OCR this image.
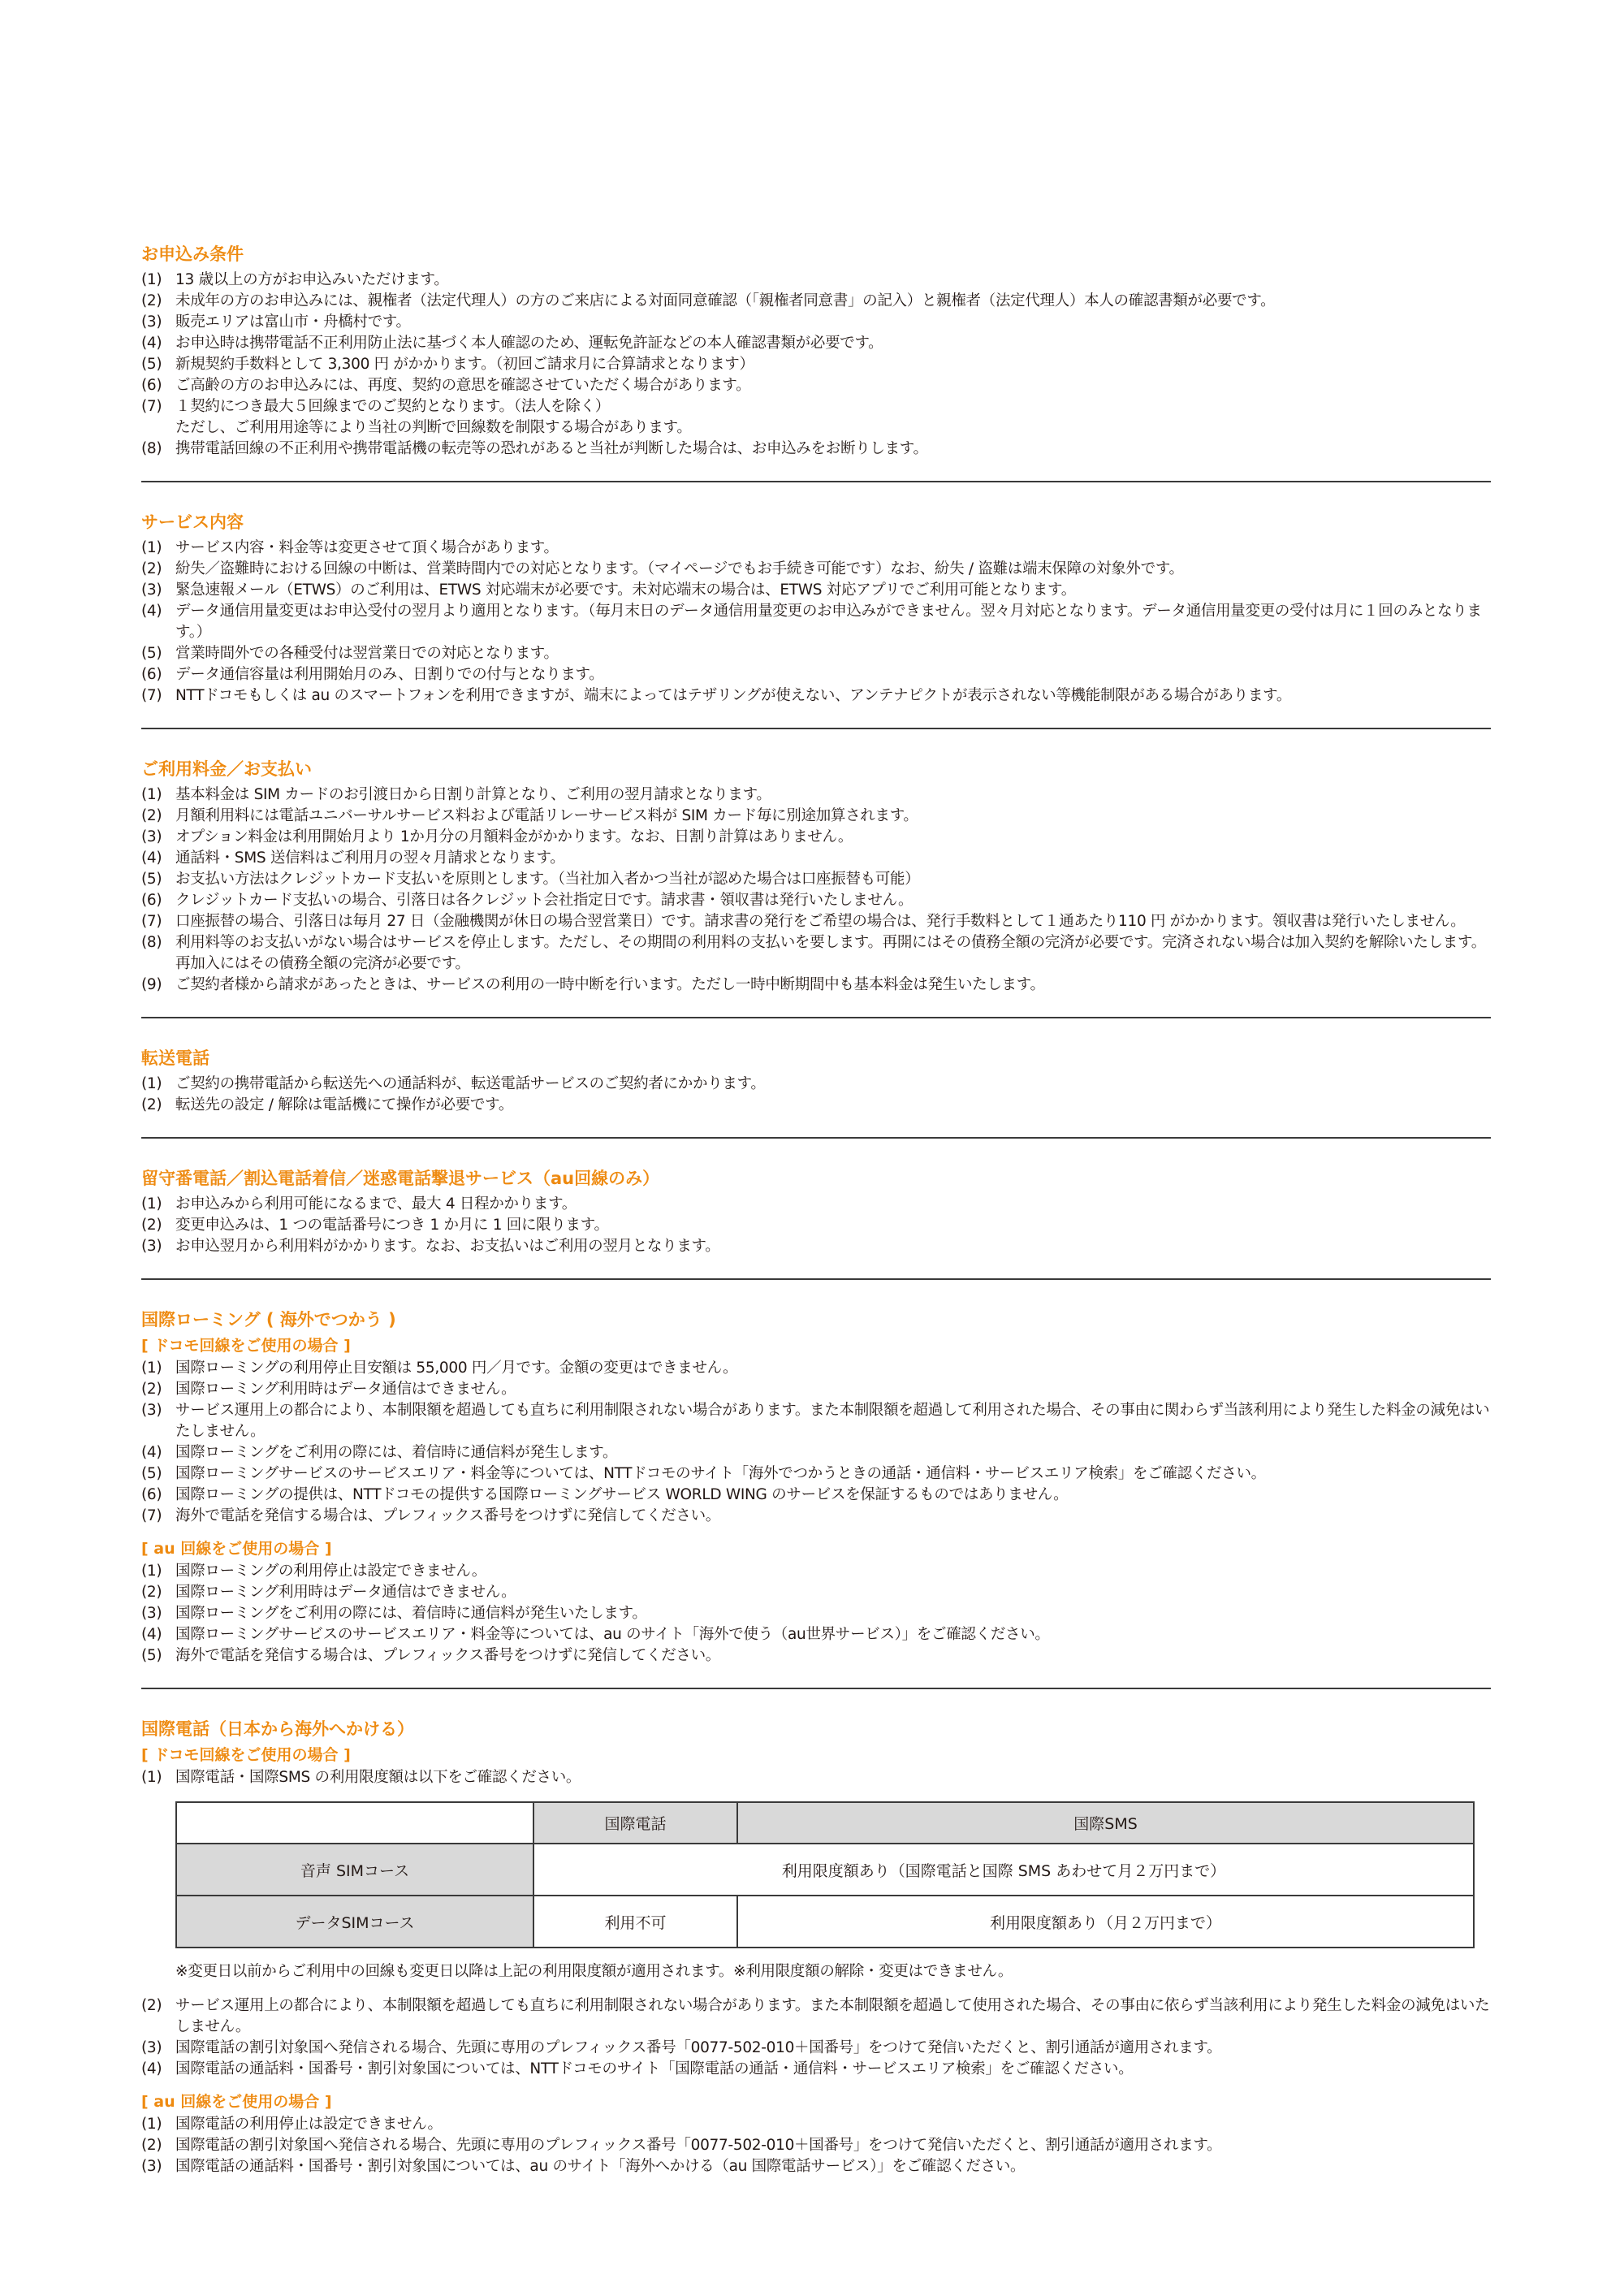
お申込み条件
(1) 13 歳以上の方がお申込みいただけます。
(2) 未成年の方のお申込みには、親権者（法定代理人）の方のご来店による対面同意確認（「親権者同意書」の記入）と親権者（法定代理人）本人の確認書類が必要です。
(3) 販売エリアは富山市・舟橋村です。
(4) お申込時は携帯電話不正利用防止法に基づく本人確認のため、運転免許証などの本人確認書類が必要です。
(5) 新規契約手数料として 3,300 円 がかかります。（初回ご請求月に合算請求となります）
(6) ご高齢の方のお申込みには、再度、契約の意思を確認させていただく場合があります。
(7) １契約につき最大５回線までのご契約となります。（法人を除く）
ただし、ご利用用途等により当社の判断で回線数を制限する場合があります。
(8) 携帯電話回線の不正利用や携帯電話機の転売等の恐れがあると当社が判断した場合は、お申込みをお断りします。
サービス内容
(1) サービス内容・料金等は変更させて頂く場合があります。
(2) 紛失／盗難時における回線の中断は、営業時間内での対応となります。（マイページでもお手続き可能です）なお、紛失 / 盗難は端末保障の対象外です。
(3) 緊急速報メール（ETWS）のご利用は、ETWS 対応端末が必要です。未対応端末の場合は、ETWS 対応アプリでご利用可能となります。
(4) データ通信用量変更はお申込受付の翌月より適用となります。（毎月末日のデータ通信用量変更のお申込みができません。翌々月対応となります。データ通信用量変更の受付は月に１回のみとなります。）
(5) 営業時間外での各種受付は翌営業日での対応となります。
(6) データ通信容量は利用開始月のみ、日割りでの付与となります。
(7) NTTドコモもしくは au のスマートフォンを利用できますが、端末によってはテザリングが使えない、アンテナピクトが表示されない等機能制限がある場合があります。
ご利用料金／お支払い
(1) 基本料金は SIM カードのお引渡日から日割り計算となり、ご利用の翌月請求となります。
(2) 月額利用料には電話ユニバーサルサービス料および電話リレーサービス料が SIM カード毎に別途加算されます。
(3) オプション料金は利用開始月より 1か月分の月額料金がかかります。なお、日割り計算はありません。
(4) 通話料・SMS 送信料はご利用月の翌々月請求となります。
(5) お支払い方法はクレジットカード支払いを原則とします。（当社加入者かつ当社が認めた場合は口座振替も可能）
(6) クレジットカード支払いの場合、引落日は各クレジット会社指定日です。請求書・領収書は発行いたしません。
(7) 口座振替の場合、引落日は毎月 27 日（金融機関が休日の場合翌営業日）です。請求書の発行をご希望の場合は、発行手数料として１通あたり110 円 がかかります。領収書は発行いたしません。
(8) 利用料等のお支払いがない場合はサービスを停止します。ただし、その期間の利用料の支払いを要します。再開にはその債務全額の完済が必要です。完済されない場合は加入契約を解除いたします。再加入にはその債務全額の完済が必要です。
(9) ご契約者様から請求があったときは、サービスの利用の一時中断を行います。ただし一時中断期間中も基本料金は発生いたします。
転送電話
(1) ご契約の携帯電話から転送先への通話料が、転送電話サービスのご契約者にかかります。
(2) 転送先の設定 / 解除は電話機にて操作が必要です。
留守番電話／割込電話着信／迷惑電話撃退サービス（au回線のみ）
(1) お申込みから利用可能になるまで、最大 4 日程かかります。
(2) 変更申込みは、1 つの電話番号につき 1 か月に 1 回に限ります。
(3) お申込翌月から利用料がかかります。なお、お支払いはご利用の翌月となります。
国際ローミング ( 海外でつかう )
[ ドコモ回線をご使用の場合 ]
(1) 国際ローミングの利用停止目安額は 55,000 円／月です。金額の変更はできません。
(2) 国際ローミング利用時はデータ通信はできません。
(3) サービス運用上の都合により、本制限額を超過しても直ちに利用制限されない場合があります。また本制限額を超過して利用された場合、その事由に関わらず当該利用により発生した料金の減免はいたしません。
(4) 国際ローミングをご利用の際には、着信時に通信料が発生します。
(5) 国際ローミングサービスのサービスエリア・料金等については、NTTドコモのサイト「海外でつかうときの通話・通信料・サービスエリア検索」をご確認ください。
(6) 国際ローミングの提供は、NTTドコモの提供する国際ローミングサービス WORLD WING のサービスを保証するものではありません。
(7) 海外で電話を発信する場合は、プレフィックス番号をつけずに発信してください。
[ au 回線をご使用の場合 ]
(1) 国際ローミングの利用停止は設定できません。
(2) 国際ローミング利用時はデータ通信はできません。
(3) 国際ローミングをご利用の際には、着信時に通信料が発生いたします。
(4) 国際ローミングサービスのサービスエリア・料金等については、au のサイト「海外で使う（au世界サービス）」をご確認ください。
(5) 海外で電話を発信する場合は、プレフィックス番号をつけずに発信してください。
国際電話（日本から海外へかける）
[ ドコモ回線をご使用の場合 ]
(1) 国際電話・国際SMS の利用限度額は以下をご確認ください。
	国際電話	国際SMS
音声 SIMコース	利用限度額あり（国際電話と国際 SMS あわせて月２万円まで）	
データSIMコース	利用不可	利用限度額あり（月２万円まで）
※変更日以前からご利用中の回線も変更日以降は上記の利用限度額が適用されます。※利用限度額の解除・変更はできません。
(2) サービス運用上の都合により、本制限額を超過しても直ちに利用制限されない場合があります。また本制限額を超過して使用された場合、その事由に依らず当該利用により発生した料金の減免はいたしません。
(3) 国際電話の割引対象国へ発信される場合、先頭に専用のプレフィックス番号「0077-502-010＋国番号」をつけて発信いただくと、割引通話が適用されます。
(4) 国際電話の通話料・国番号・割引対象国については、NTTドコモのサイト「国際電話の通話・通信料・サービスエリア検索」をご確認ください。
[ au 回線をご使用の場合 ]
(1) 国際電話の利用停止は設定できません。
(2) 国際電話の割引対象国へ発信される場合、先頭に専用のプレフィックス番号「0077-502-010＋国番号」をつけて発信いただくと、割引通話が適用されます。
(3) 国際電話の通話料・国番号・割引対象国については、au のサイト「海外へかける（au 国際電話サービス）」をご確認ください。
